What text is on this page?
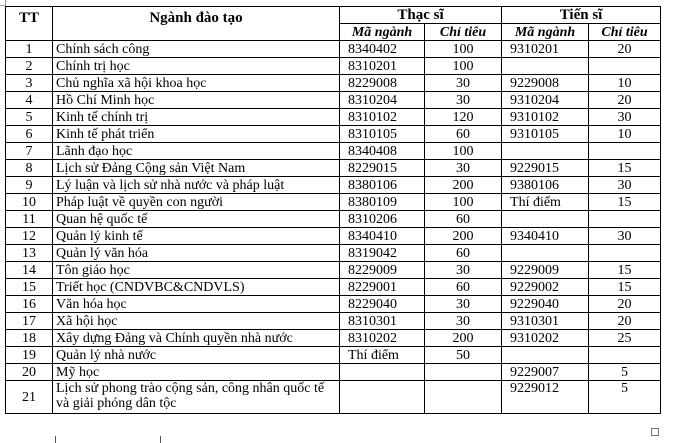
TT	Ngành đào tạo	Thạc sĩ		Tiến sĩ	
		Mã ngành	Chỉ tiêu	Mã ngành	Chỉ tiêu
1	Chính sách công	8340402	100	9310201	20
2	Chính trị học	8310201	100		
3	Chủ nghĩa xã hội khoa học	8229008	30	9229008	10
4	Hồ Chí Minh học	8310204	30	9310204	20
5	Kinh tế chính trị	8310102	120	9310102	30
6	Kinh tế phát triển	8310105	60	9310105	10
7	Lãnh đạo học	8340408	100		
8	Lịch sử Đảng Cộng sản Việt Nam	8229015	30	9229015	15
9	Lý luận và lịch sử nhà nước và pháp luật	8380106	200	9380106	30
10	Pháp luật về quyền con người	8380109	100	Thí điểm	15
11	Quan hệ quốc tế	8310206	60		
12	Quản lý kinh tế	8340410	200	9340410	30
13	Quản lý văn hóa	8319042	60		
14	Tôn giáo học	8229009	30	9229009	15
15	Triết học (CNDVBC&CNDVLS)	8229001	60	9229002	15
16	Văn hóa học	8229040	30	9229040	20
17	Xã hội học	8310301	30	9310301	20
18	Xây dựng Đảng và Chính quyền nhà nước	8310202	200	9310202	25
19	Quản lý nhà nước	Thí điểm	50		
20	Mỹ học			9229007	5
21	Lịch sử phong trào cộng sản, công nhân quốc tế và giải phóng dân tộc			9229012	5
